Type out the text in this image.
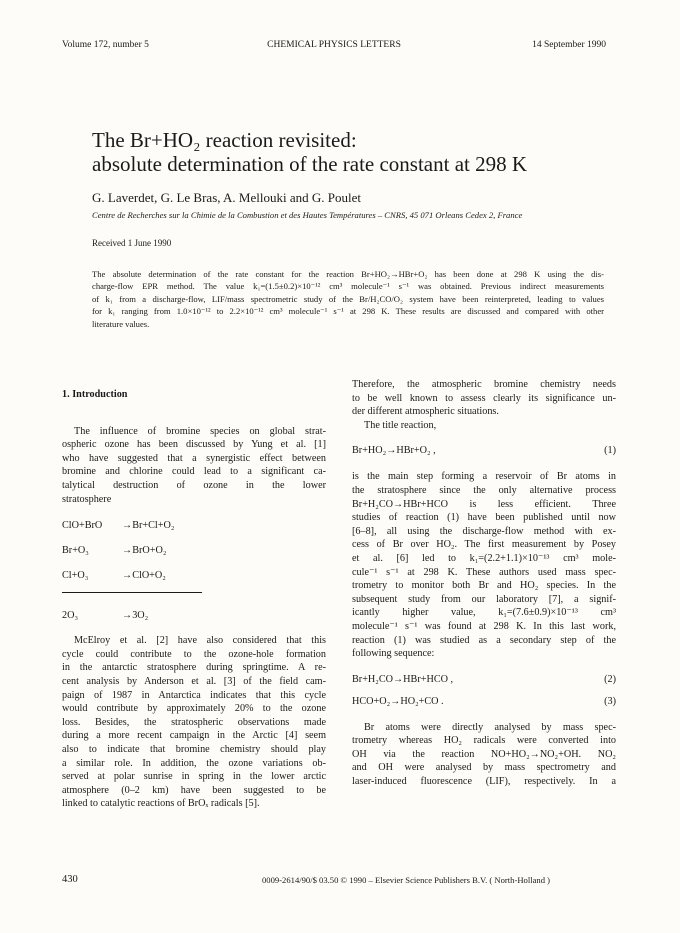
Volume 172, number 5	CHEMICAL PHYSICS LETTERS	14 September 1990
The Br+HO₂ reaction revisited:
absolute determination of the rate constant at 298 K
G. Laverdet, G. Le Bras, A. Mellouki and G. Poulet
Centre de Recherches sur la Chimie de la Combustion et des Hautes Températures – CNRS, 45 071 Orleans Cedex 2, France
Received 1 June 1990
The absolute determination of the rate constant for the reaction Br+HO₂→HBr+O₂ has been done at 298 K using the dis-
charge-flow EPR method. The value k₁=(1.5±0.2)×10⁻¹² cm³ molecule⁻¹ s⁻¹ was obtained. Previous indirect measurements
of k₁ from a discharge-flow, LIF/mass spectrometric study of the Br/H₂CO/O₂ system have been reinterpreted, leading to values
for k₁ ranging from 1.0×10⁻¹² to 2.2×10⁻¹² cm³ molecule⁻¹ s⁻¹ at 298 K. These results are discussed and compared with other
literature values.
1. Introduction
The influence of bromine species on global strat-
ospheric ozone has been discussed by Yung et al. [1]
who have suggested that a synergistic effect between
bromine and chlorine could lead to a significant ca-
talytical destruction of ozone in the lower
stratosphere
ClO+BrO →Br+Cl+O₂
Br+O₃	→BrO+O₂
Cl+O₃	→ClO+O₂
2O₃	→3O₂
McElroy et al. [2] have also considered that this
cycle could contribute to the ozone-hole formation
in the antarctic stratosphere during springtime. A re-
cent analysis by Anderson et al. [3] of the field cam-
paign of 1987 in Antarctica indicates that this cycle
would contribute by approximately 20% to the ozone
loss. Besides, the stratospheric observations made
during a more recent campaign in the Arctic [4] seem
also to indicate that bromine chemistry should play
a similar role. In addition, the ozone variations ob-
served at polar sunrise in spring in the lower arctic
atmosphere (0–2 km) have been suggested to be
linked to catalytic reactions of BrOₓ radicals [5].
Therefore, the atmospheric bromine chemistry needs
to be well known to assess clearly its significance un-
der different atmospheric situations.
The title reaction,
Br+HO₂→HBr+O₂ ,	(1)
is the main step forming a reservoir of Br atoms in
the stratosphere since the only alternative process
Br+H₂CO→HBr+HCO is less efficient. Three
studies of reaction (1) have been published until now
[6–8], all using the discharge-flow method with ex-
cess of Br over HO₂. The first measurement by Posey
et al. [6] led to k₁=(2.2+1.1)×10⁻¹³ cm³ mole-
cule⁻¹ s⁻¹ at 298 K. These authors used mass spec-
trometry to monitor both Br and HO₂ species. In the
subsequent study from our laboratory [7], a signif-
icantly higher value, k₁=(7.6±0.9)×10⁻¹³ cm³
molecule⁻¹ s⁻¹ was found at 298 K. In this last work,
reaction (1) was studied as a secondary step of the
following sequence:
Br+H₂CO→HBr+HCO ,	(2)
HCO+O₂→HO₂+CO .	(3)
Br atoms were directly analysed by mass spec-
trometry whereas HO₂ radicals were converted into
OH via the reaction NO+HO₂→NO₂+OH. NO₂
and OH were analysed by mass spectrometry and
laser-induced fluorescence (LIF), respectively. In a
430	0009-2614/90/$ 03.50 © 1990 – Elsevier Science Publishers B.V. ( North-Holland )
